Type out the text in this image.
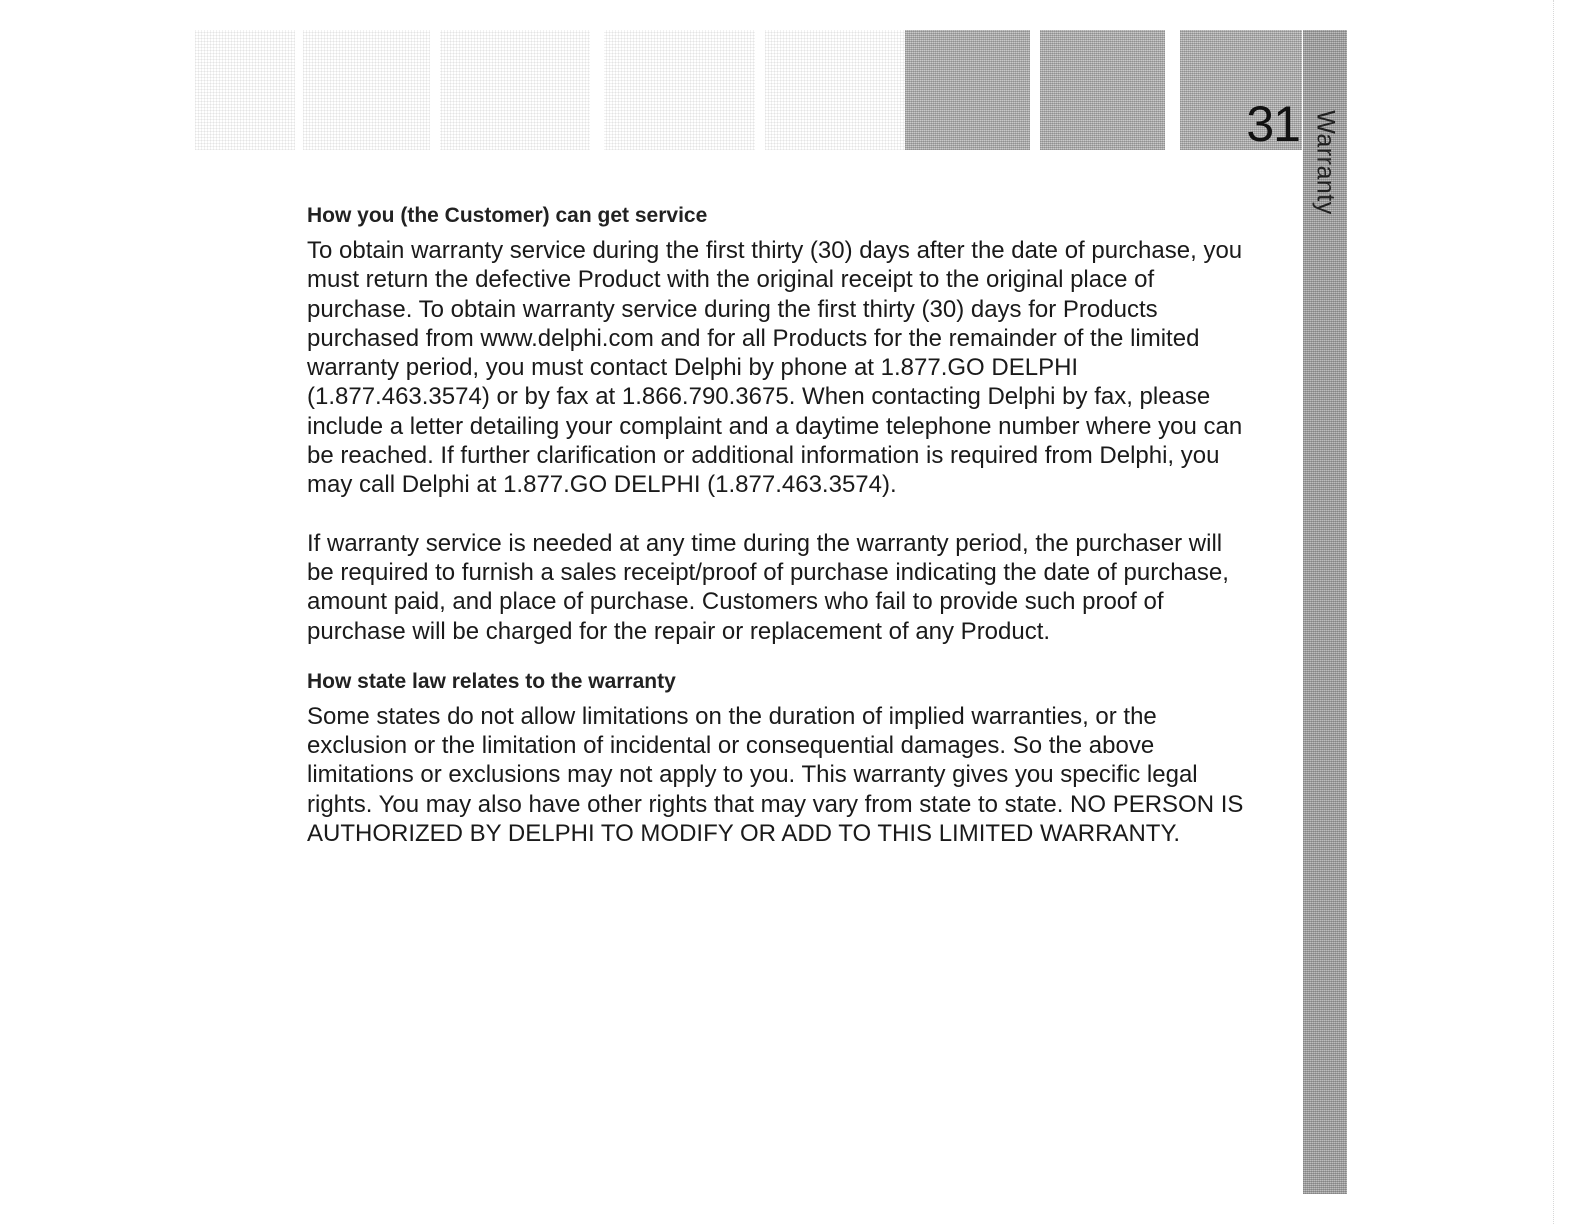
31 Warranty
How you (the Customer) can get service

To obtain warranty service during the first thirty (30) days after the date of purchase, you must return the defective Product with the original receipt to the original place of purchase. To obtain warranty service during the first thirty (30) days for Products purchased from www.delphi.com and for all Products for the remainder of the limited warranty period, you must contact Delphi by phone at 1.877.GO DELPHI (1.877.463.3574) or by fax at 1.866.790.3675. When contacting Delphi by fax, please include a letter detailing your complaint and a daytime telephone number where you can be reached. If further clarification or additional information is required from Delphi, you may call Delphi at 1.877.GO DELPHI (1.877.463.3574).

If warranty service is needed at any time during the warranty period, the purchaser will be required to furnish a sales receipt/proof of purchase indicating the date of purchase, amount paid, and place of purchase. Customers who fail to provide such proof of purchase will be charged for the repair or replacement of any Product.

How state law relates to the warranty

Some states do not allow limitations on the duration of implied warranties, or the exclusion or the limitation of incidental or consequential damages. So the above limitations or exclusions may not apply to you. This warranty gives you specific legal rights. You may also have other rights that may vary from state to state. NO PERSON IS AUTHORIZED BY DELPHI TO MODIFY OR ADD TO THIS LIMITED WARRANTY.
